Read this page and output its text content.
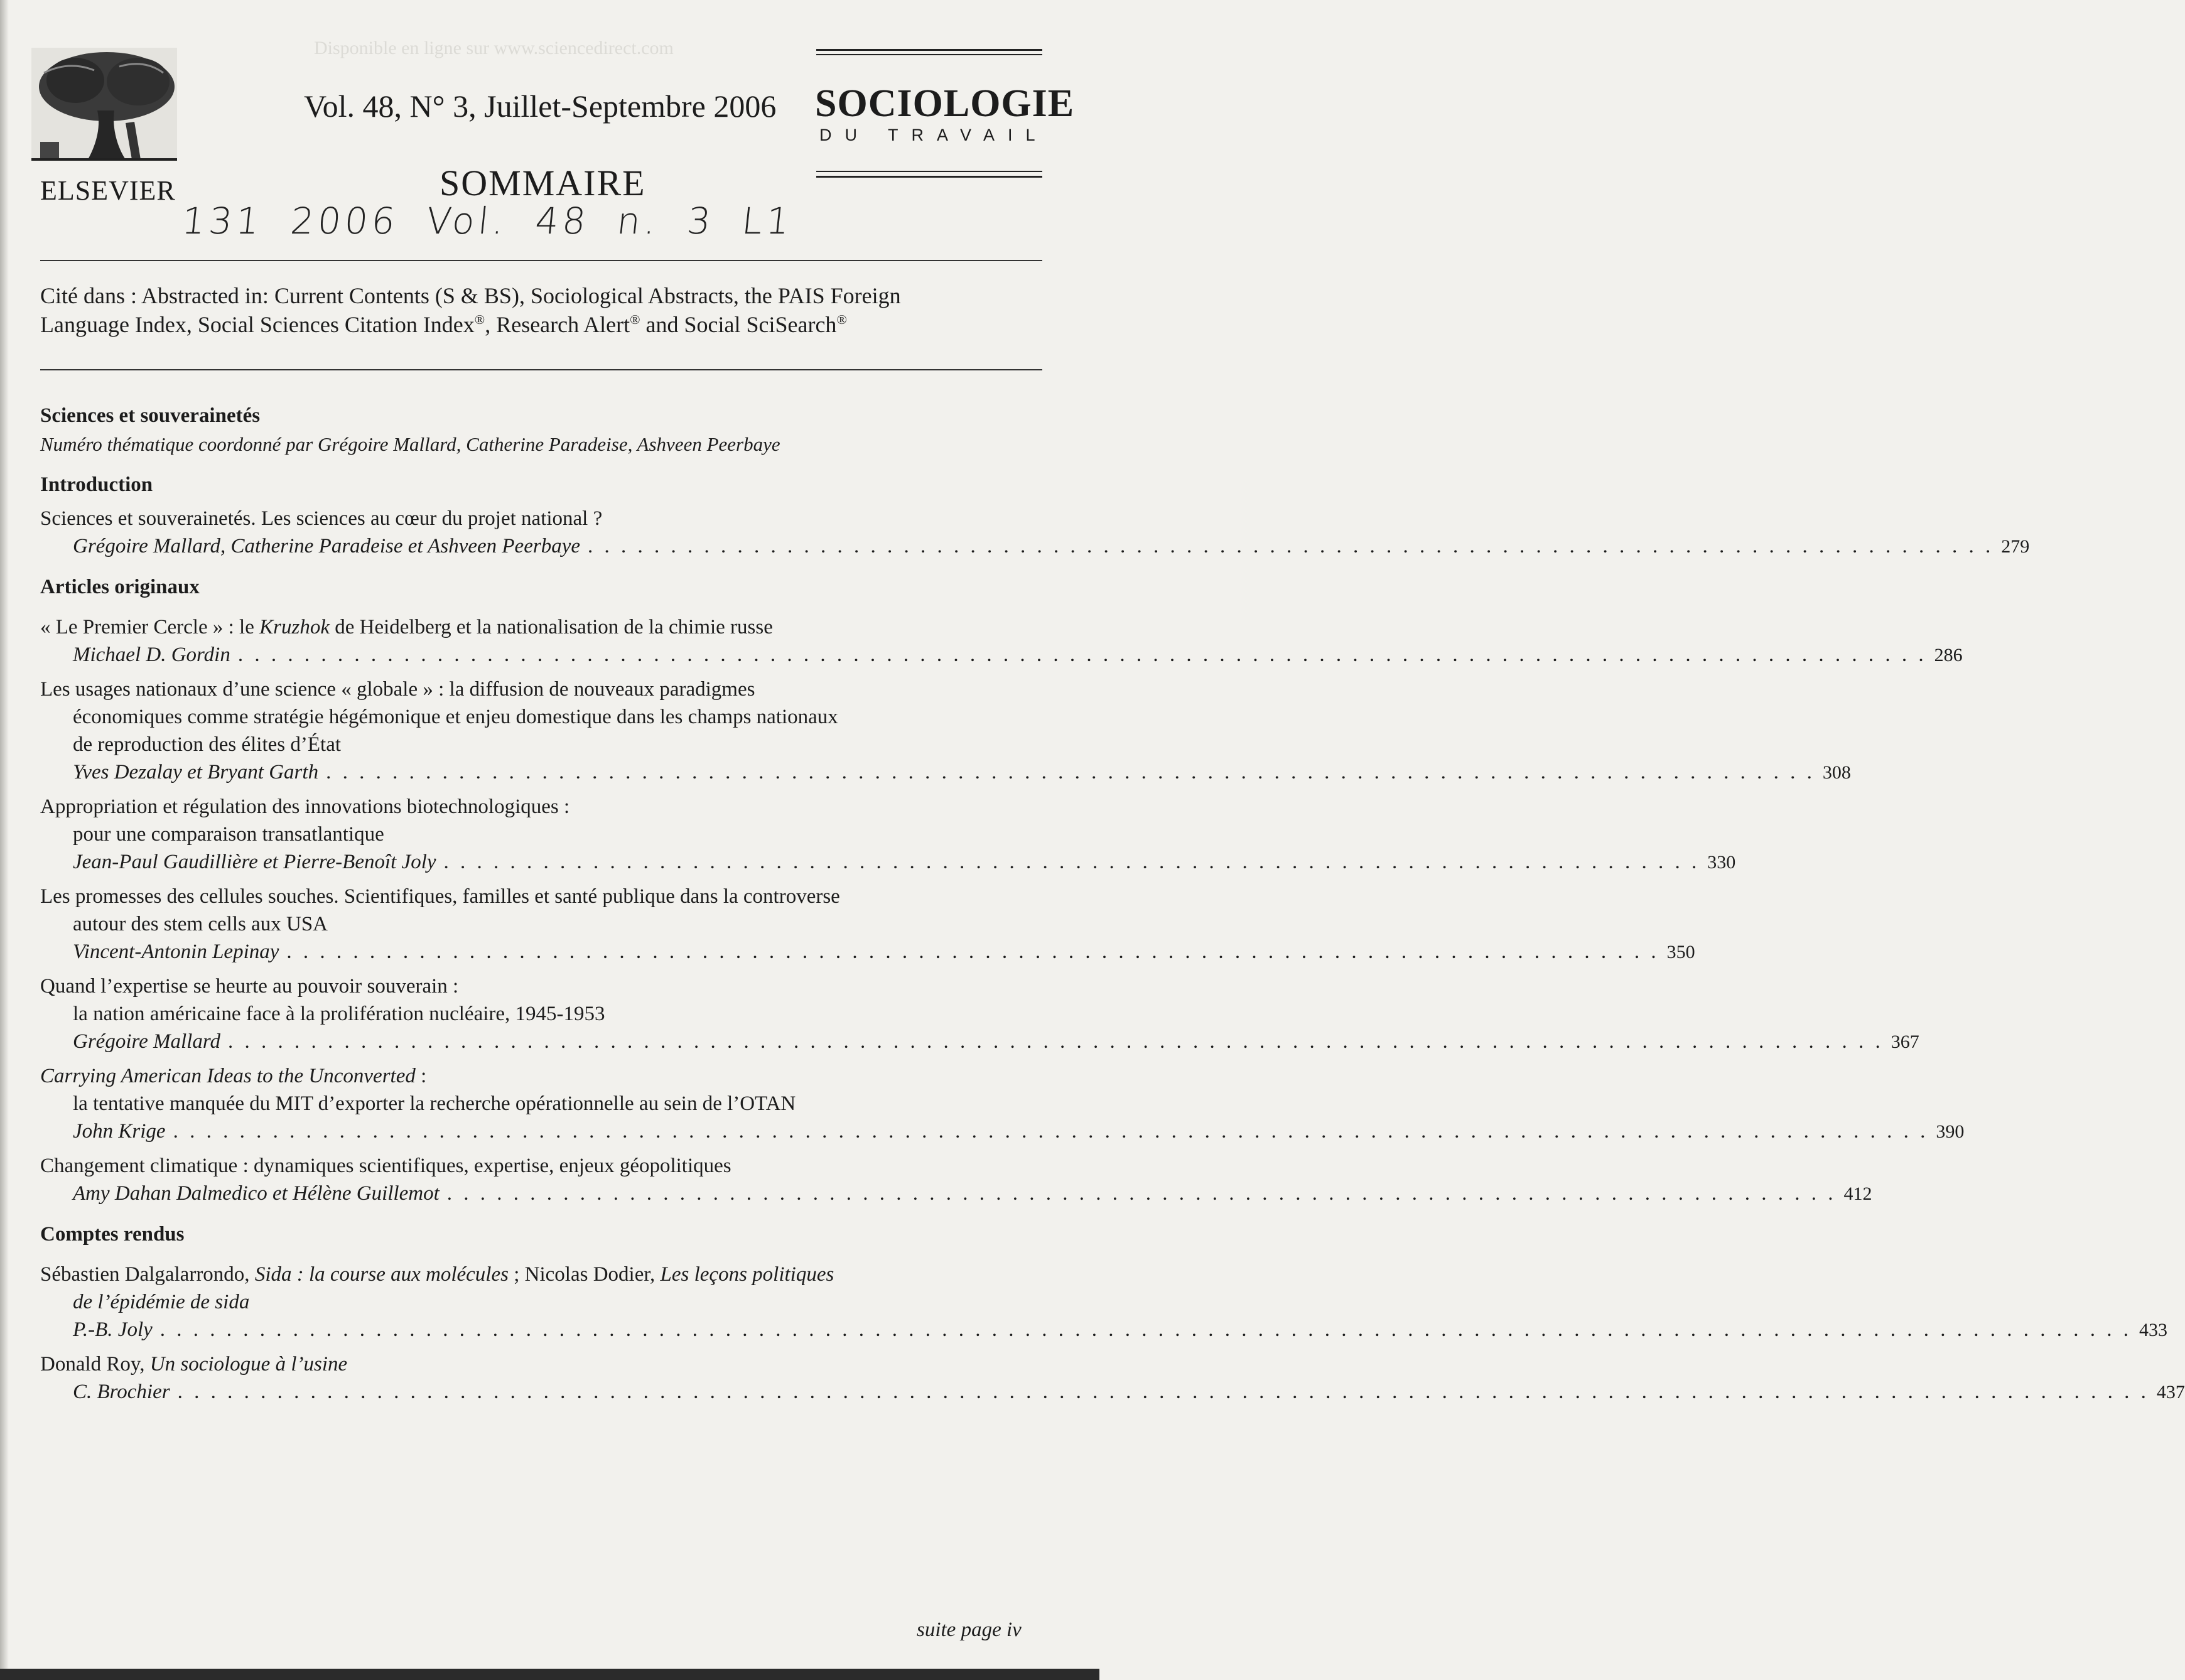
Disponible en ligne sur www.sciencedirect.com
ELSEVIER
Vol. 48, N° 3, Juillet-Septembre 2006
SOMMAIRE
131 2006 Vol. 48 n. 3 L1
SOCIOLOGIE
DU TRAVAIL
Cité dans : Abstracted in: Current Contents (S & BS), Sociological Abstracts, the PAIS Foreign
Language Index, Social Sciences Citation Index®, Research Alert® and Social SciSearch®
Sciences et souverainetés
Numéro thématique coordonné par Grégoire Mallard, Catherine Paradeise, Ashveen Peerbaye
Introduction
Sciences et souverainetés. Les sciences au cœur du projet national ?
Grégoire Mallard, Catherine Paradeise et Ashveen Peerbaye . . . . . . . . . . . . . . . . . . . . . . . . . . . . . . . . . . . . . . . . . . . . . . . . . . . . . . . . . . . . . . . . . . . . . . . . . . . . . . . . . . . . . 279
Articles originaux
« Le Premier Cercle » : le Kruzhok de Heidelberg et la nationalisation de la chimie russe
Michael D. Gordin . . . . . . . . . . . . . . . . . . . . . . . . . . . . . . . . . . . . . . . . . . . . . . . . . . . . . . . . . . . . . . . . . . . . . . . . . . . . . . . . . . . . . . . . . . . . . . . . . . . . . . 286
Les usages nationaux d’une science « globale » : la diffusion de nouveaux paradigmes
économiques comme stratégie hégémonique et enjeu domestique dans les champs nationaux
de reproduction des élites d’État
Yves Dezalay et Bryant Garth . . . . . . . . . . . . . . . . . . . . . . . . . . . . . . . . . . . . . . . . . . . . . . . . . . . . . . . . . . . . . . . . . . . . . . . . . . . . . . . . . . . . . . . . . . 308
Appropriation et régulation des innovations biotechnologiques :
pour une comparaison transatlantique
Jean-Paul Gaudillière et Pierre-Benoît Joly . . . . . . . . . . . . . . . . . . . . . . . . . . . . . . . . . . . . . . . . . . . . . . . . . . . . . . . . . . . . . . . . . . . . . . . . . . . . 330
Les promesses des cellules souches. Scientifiques, familles et santé publique dans la controverse
autour des stem cells aux USA
Vincent-Antonin Lepinay . . . . . . . . . . . . . . . . . . . . . . . . . . . . . . . . . . . . . . . . . . . . . . . . . . . . . . . . . . . . . . . . . . . . . . . . . . . . . . . . . . . 350
Quand l’expertise se heurte au pouvoir souverain :
la nation américaine face à la prolifération nucléaire, 1945-1953
Grégoire Mallard . . . . . . . . . . . . . . . . . . . . . . . . . . . . . . . . . . . . . . . . . . . . . . . . . . . . . . . . . . . . . . . . . . . . . . . . . . . . . . . . . . . . . . . . . . . . . . . . . . . . 367
Carrying American Ideas to the Unconverted :
la tentative manquée du MIT d’exporter la recherche opérationnelle au sein de l’OTAN
John Krige . . . . . . . . . . . . . . . . . . . . . . . . . . . . . . . . . . . . . . . . . . . . . . . . . . . . . . . . . . . . . . . . . . . . . . . . . . . . . . . . . . . . . . . . . . . . . . . . . . . . . . . . . . 390
Changement climatique : dynamiques scientifiques, expertise, enjeux géopolitiques
Amy Dahan Dalmedico et Hélène Guillemot . . . . . . . . . . . . . . . . . . . . . . . . . . . . . . . . . . . . . . . . . . . . . . . . . . . . . . . . . . . . . . . . . . . . . . . . . . . . . . . . . . . . 412
Comptes rendus
Sébastien Dalgalarrondo, Sida : la course aux molécules ; Nicolas Dodier, Les leçons politiques
de l’épidémie de sida
P.-B. Joly . . . . . . . . . . . . . . . . . . . . . . . . . . . . . . . . . . . . . . . . . . . . . . . . . . . . . . . . . . . . . . . . . . . . . . . . . . . . . . . . . . . . . . . . . . . . . . . . . . . . . . . . . . . . . . . . . . . . . . . 433
Donald Roy, Un sociologue à l’usine
C. Brochier . . . . . . . . . . . . . . . . . . . . . . . . . . . . . . . . . . . . . . . . . . . . . . . . . . . . . . . . . . . . . . . . . . . . . . . . . . . . . . . . . . . . . . . . . . . . . . . . . . . . . . . . . . . . . . . . . . . . . . . 437
suite page iv
